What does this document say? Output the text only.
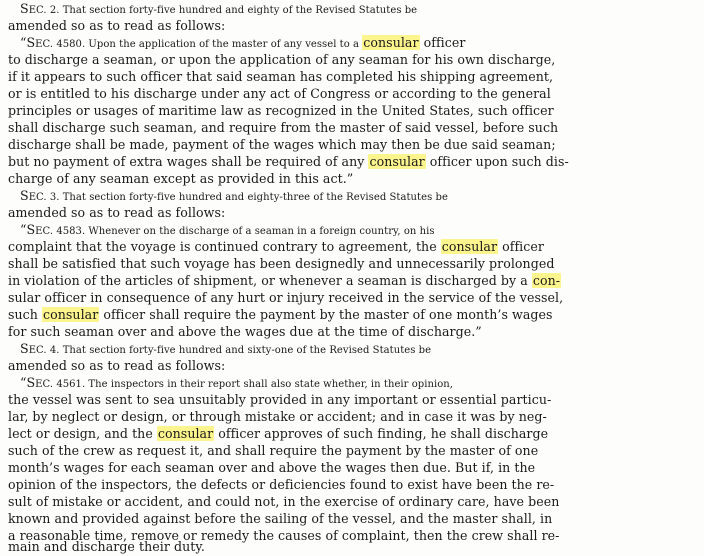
SEC. 2. That section forty-five hundred and eighty of the Revised Statutes be
amended so as to read as follows:
“SEC. 4580. Upon the application of the master of any vessel to a consular officer
to discharge a seaman, or upon the application of any seaman for his own discharge,
if it appears to such officer that said seaman has completed his shipping agreement,
or is entitled to his discharge under any act of Congress or according to the general
principles or usages of maritime law as recognized in the United States, such officer
shall discharge such seaman, and require from the master of said vessel, before such
discharge shall be made, payment of the wages which may then be due said seaman;
but no payment of extra wages shall be required of any consular officer upon such dis-
charge of any seaman except as provided in this act.”
SEC. 3. That section forty-five hundred and eighty-three of the Revised Statutes be
amended so as to read as follows:
“SEC. 4583. Whenever on the discharge of a seaman in a foreign country, on his
complaint that the voyage is continued contrary to agreement, the consular officer
shall be satisfied that such voyage has been designedly and unnecessarily prolonged
in violation of the articles of shipment, or whenever a seaman is discharged by a con-
sular officer in consequence of any hurt or injury received in the service of the vessel,
such consular officer shall require the payment by the master of one month’s wages
for such seaman over and above the wages due at the time of discharge.”
SEC. 4. That section forty-five hundred and sixty-one of the Revised Statutes be
amended so as to read as follows:
“SEC. 4561. The inspectors in their report shall also state whether, in their opinion,
the vessel was sent to sea unsuitably provided in any important or essential particu-
lar, by neglect or design, or through mistake or accident; and in case it was by neg-
lect or design, and the consular officer approves of such finding, he shall discharge
such of the crew as request it, and shall require the payment by the master of one
month’s wages for each seaman over and above the wages then due. But if, in the
opinion of the inspectors, the defects or deficiencies found to exist have been the re-
sult of mistake or accident, and could not, in the exercise of ordinary care, have been
known and provided against before the sailing of the vessel, and the master shall, in
a reasonable time, remove or remedy the causes of complaint, then the crew shall re-
main and discharge their duty.
